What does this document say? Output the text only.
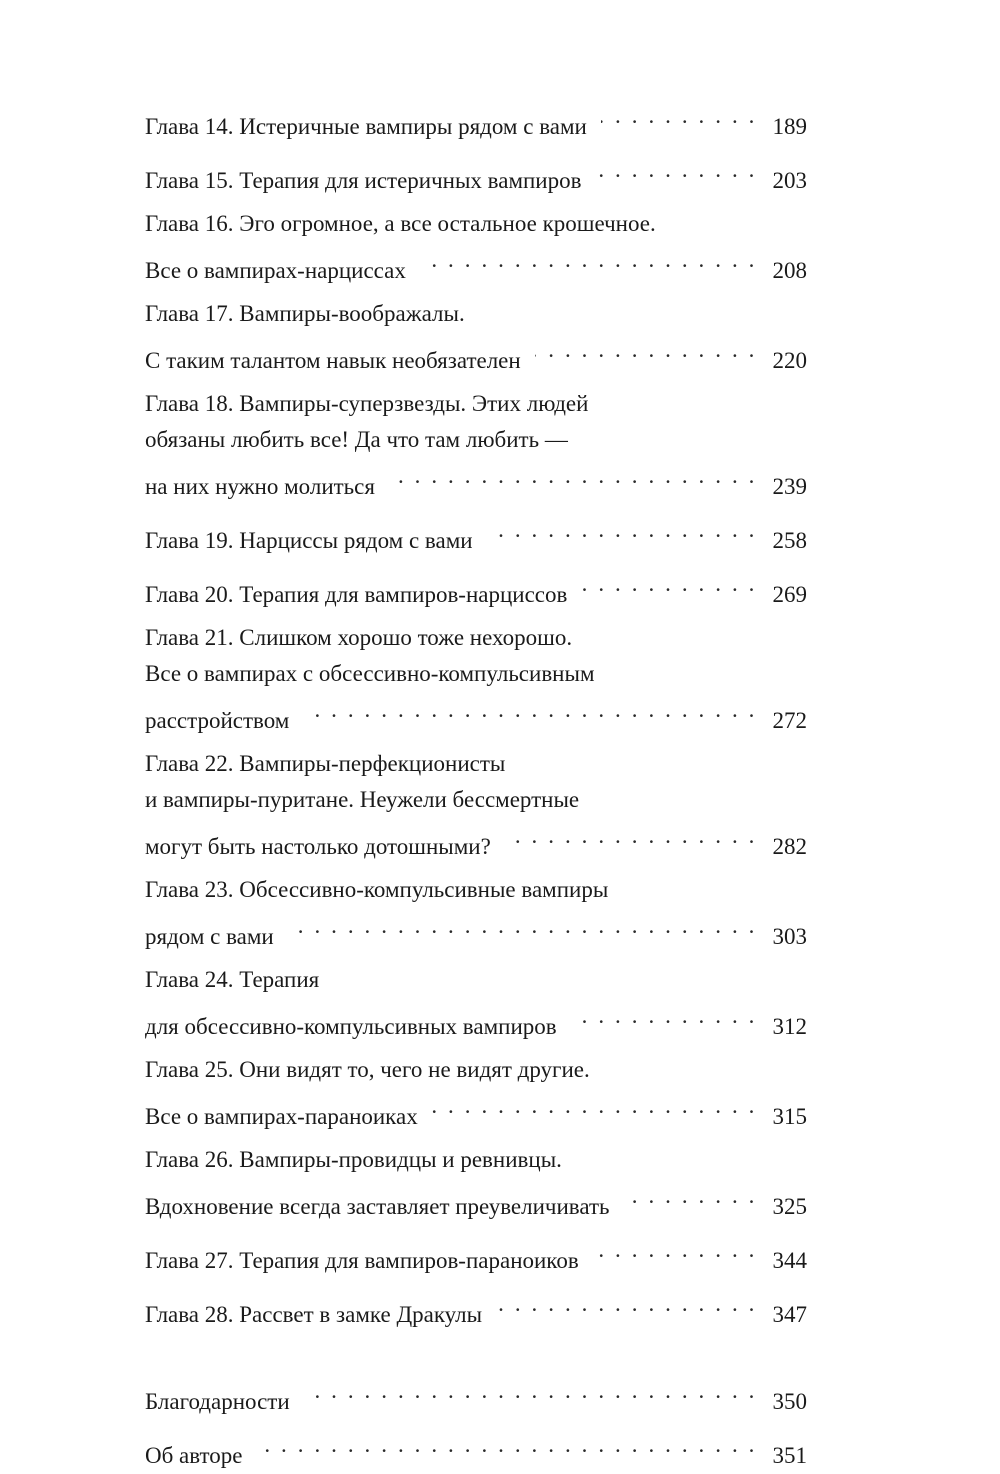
Глава 14. Истеричные вампиры рядом с вами . . .	189
Глава 15. Терапия для истеричных вампиров . . .	203
Глава 16. Эго огромное, а все остальное крошечное.
Все о вампирах-нарциссах . . .	208
Глава 17. Вампиры-воображалы.
С таким талантом навык необязателен . . .	220
Глава 18. Вампиры-суперзвезды. Этих людей
обязаны любить все! Да что там любить —
на них нужно молиться . . .	239
Глава 19. Нарциссы рядом с вами . . .	258
Глава 20. Терапия для вампиров-нарциссов . . .	269
Глава 21. Слишком хорошо тоже нехорошо.
Все о вампирах с обсессивно-компульсивным
расстройством . . .	272
Глава 22. Вампиры-перфекционисты
и вампиры-пуритане. Неужели бессмертные
могут быть настолько дотошными? . . .	282
Глава 23. Обсессивно-компульсивные вампиры
рядом с вами . . .	303
Глава 24. Терапия
для обсессивно-компульсивных вампиров . . .	312
Глава 25. Они видят то, чего не видят другие.
Все о вампирах-параноиках . . .	315
Глава 26. Вампиры-провидцы и ревнивцы.
Вдохновение всегда заставляет преувеличивать . . .	325
Глава 27. Терапия для вампиров-параноиков . . .	344
Глава 28. Рассвет в замке Дракулы . . .	347
Благодарности . . .	350
Об авторе . . .	351
